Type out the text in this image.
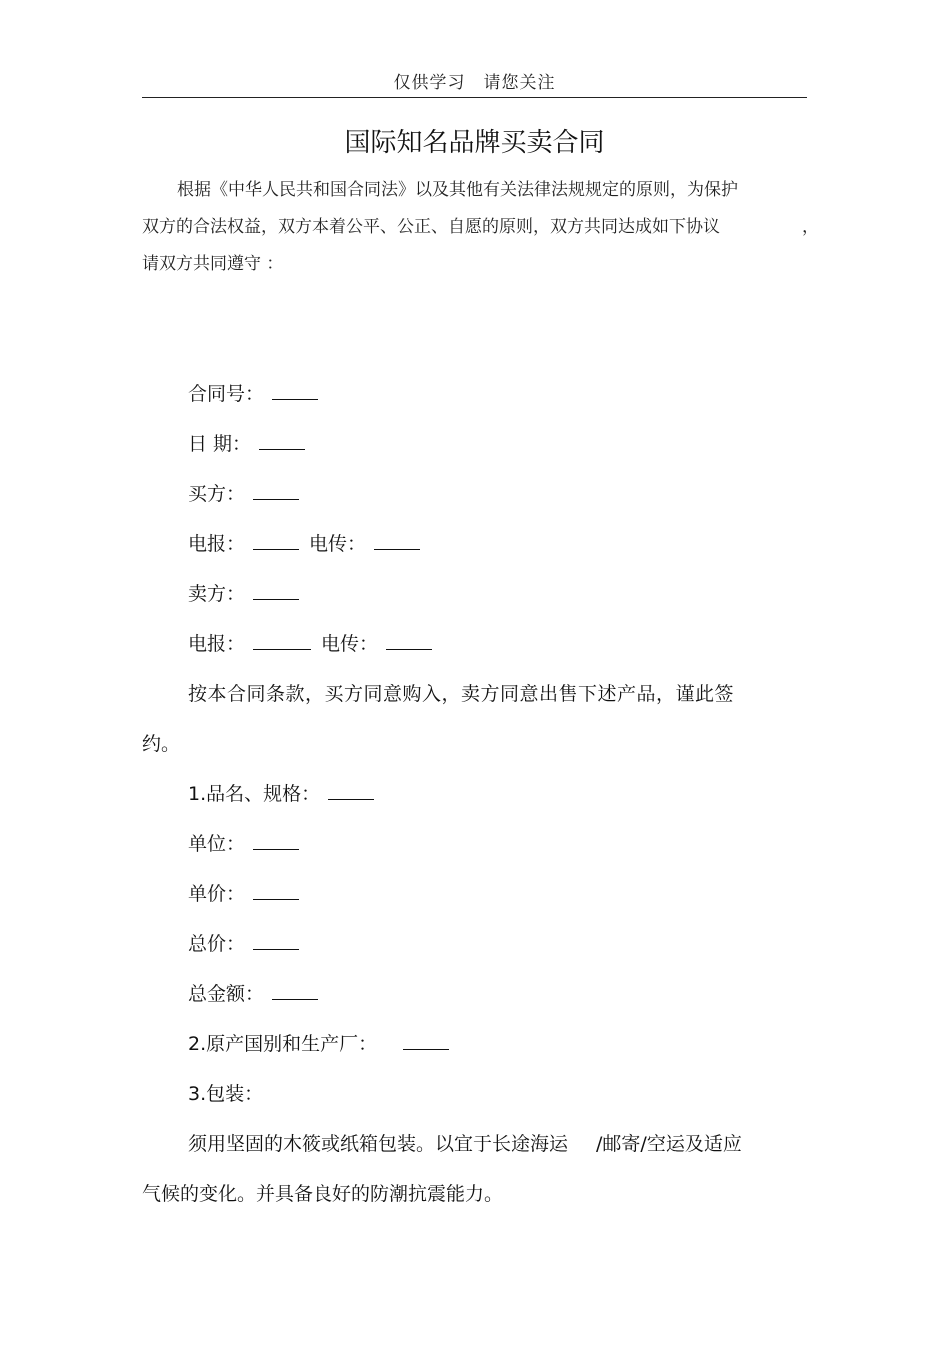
仅供学习　请您关注
国际知名品牌买卖合同
根据《中华人民共和国合同法》以及其他有关法律法规规定的原则，为保护
双方的合法权益，双方本着公平、公正、自愿的原则，双方共同达成如下协议	，
请双方共同遵守 ：
合同号：
日 期：
买方：
电报：	电传：
卖方：
电报：	电传：
按本合同条款，买方同意购入，卖方同意出售下述产品，谨此签
约。
1.品名、规格：
单位：
单价：
总价：
总金额：
2.原产国别和生产厂：
3.包装：
须用坚固的木筱或纸箱包装。以宜于长途海运 /邮寄/空运及适应
气候的变化。并具备良好的防潮抗震能力。
